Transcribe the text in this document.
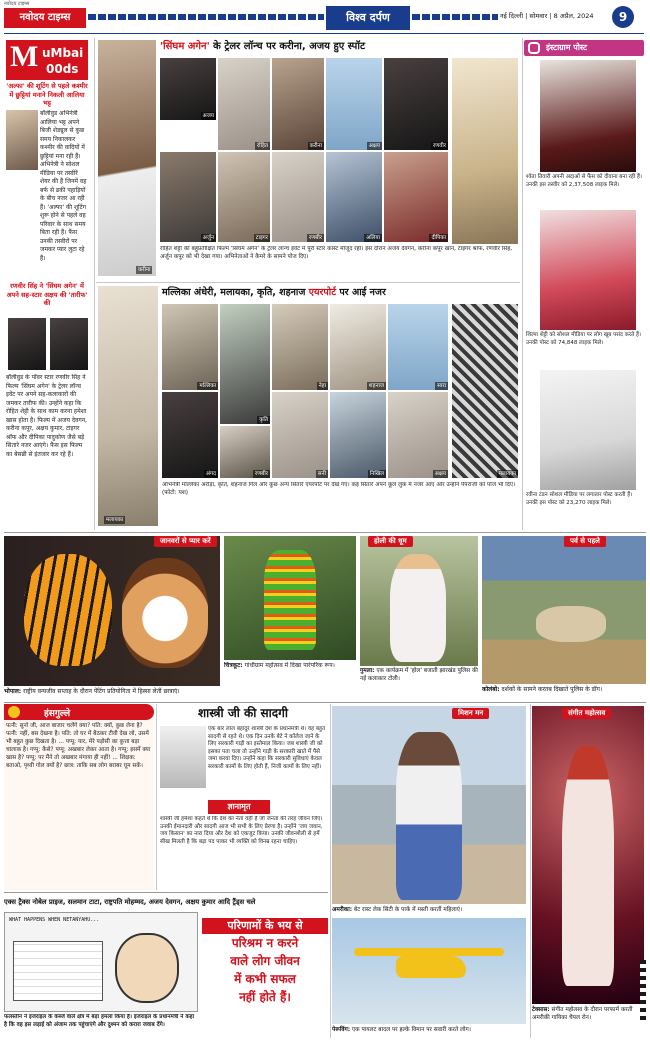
नवोदय टाइम्स
नवोदय टाइम्स	विश्व दर्पण	नई दिल्ली | सोमवार | 8 अप्रैल, 2024	9
M uMbai
00ds
'अल्फा' की शूटिंग से पहले कश्मीर में छुट्टियां मनाने निकली आलिया भट्ट
बॉलीवुड अभिनेत्री आलिया भट्ट अपने बिजी शेड्यूल से कुछ समय निकालकर कश्मीर की वादियों में छुट्टियां मना रही हैं। अभिनेत्री ने सोशल मीडिया पर तस्वीरें शेयर की हैं जिनमें वह बर्फ से ढकी पहाड़ियों के बीच नजर आ रही हैं। 'अल्फा' की शूटिंग शुरू होने से पहले वह परिवार के साथ समय बिता रही हैं। फैंस उनकी तस्वीरों पर जमकर प्यार लुटा रहे हैं।
रणवीर सिंह ने 'सिंघम अगेन' में अपने सह-स्टार अक्षय की 'तारीफ' की
बॉलीवुड के पॉवर स्टार रणवीर सिंह ने फिल्म 'सिंघम अगेन' के ट्रेलर लॉन्च इवेंट पर अपने सह-कलाकारों की जमकर तारीफ की। उन्होंने कहा कि रोहित शेट्टी के साथ काम करना हमेशा खास होता है। फिल्म में अजय देवगन, करीना कपूर, अक्षय कुमार, टाइगर श्रॉफ और दीपिका पादुकोण जैसे बड़े सितारे नजर आएंगे। फैंस इस फिल्म का बेसब्री से इंतजार कर रहे हैं।
करीना
'सिंघम अगेन' के ट्रेलर लॉन्च पर करीना, अजय हुए स्पॉट
अजय
रोहित	करीना	अक्षय	रणवीर
अर्जुन	टाइगर	रणबीर	अलिया	दीपिका
रोहित शेट्टी की बहुप्रतीक्षित फिल्म 'सिंघम अगेन' के ट्रेलर लॉन्च इवेंट में पूरी स्टार कास्ट मौजूद रही। इस दौरान अजय देवगन, करीना कपूर खान, टाइगर श्रॉफ, रणवीर सिंह, अर्जुन कपूर को भी देखा गया। अभिनेताओं ने कैमरे के सामने पोज दिए।
इंस्टाग्राम पोस्ट
श्वेता तिवारी अपनी अदाओं से फैंस को दीवाना बना रही हैं। उनकी इस तस्वीर को 2,37,508 लाइक मिले।
शिल्पा शेट्टी को सोशल मीडिया पर लोग खूब पसंद करते हैं। उनकी पोस्ट को 74,848 लाइक मिले।
रवीना टंडन सोशल मीडिया पर लगातार पोस्ट करती हैं। उनकी इस पोस्ट को 23,270 लाइक मिले।
मलायका
मल्लिका अंधेरी, मलायका, कृति, शहनाज एयरपोर्ट पर आई नजर
मल्लिका
कृति
नेहा	शहनाज	सारा
अंगद	सनी	निखिल	अक्षय
रणबीर	मलायका
अभिनेत्री मल्लिका अरोड़ा, कृति, शहनाज गिल और कुछ अन्य सितारे एयरपोर्ट पर देखे गए। कई सितारे अपने कूल लुक में नजर आए और उन्होंने पैपराजी को पोज भी दिए। (फोटो: यश)
जानवरों से प्यार करें
भोपाल: राष्ट्रीय वन्यजीव सप्ताह के दौरान पेंटिंग प्रतियोगिता में हिस्सा लेतीं छात्राएं।
चित्रकूट: गांधीग्राम महोत्सव में दिखा पारंपरिक रूप।
होली की धूम
गुमला: एक कार्यक्रम में 'होल' बजाती झारखंड पुलिस की नई कलाकार टोली।
पर्व से पहले
कोलंबो: दर्शकों के सामने करतब दिखाते पुलिस के डॉग।
हंसगुल्ले
पत्नी: सुनो जी, आज बाजार चलेंगे क्या? पति: क्यों, कुछ लेना है? पत्नी: नहीं, बस देखना है। पति: तो घर में बैठकर टीवी देख लो, उसमें भी बहुत कुछ दिखता है। ... पप्पू: यार, मेरे पड़ोसी का कुत्ता बड़ा चालाक है। गप्पू: कैसे? पप्पू: अखबार लेकर आता है। गप्पू: इसमें क्या खास है? पप्पू: पर मैंने तो अखबार मंगाया ही नहीं! ... शिक्षक: बताओ, पृथ्वी गोल क्यों है? छात्र: ताकि सब लोग बराबर घूम सकें।
शास्त्री जी की सादगी
एक बार लाल बहादुर शास्त्री देश के प्रधानमंत्री थे। वह बहुत सादगी से रहते थे। एक दिन उनके बेटे ने कॉलेज जाने के लिए सरकारी गाड़ी का इस्तेमाल किया। जब शास्त्री जी को इसका पता चला तो उन्होंने गाड़ी के सरकारी खाते में पैसे जमा करवा दिए। उन्होंने कहा कि सरकारी सुविधाएं केवल सरकारी कामों के लिए होती हैं, निजी कामों के लिए नहीं।
ज्ञानामृत
शास्त्री जी हमेशा कहते थे कि देश का नेता वही है जो जनता की तरह जीवन जिए। उनकी ईमानदारी और सादगी आज भी सभी के लिए प्रेरणा है। उन्होंने 'जय जवान, जय किसान' का नारा दिया और देश को एकजुट किया। उनकी जीवनशैली से हमें सीख मिलती है कि बड़ा पद पाकर भी व्यक्ति को विनम्र रहना चाहिए।
मिशन मन
अमरीका: बेट रास्ट लेक सिटी के पार्क में मस्ती करतीं महिलाएं।
पेरूविंग: एक पायलट बादल पर हल्के विमान पर सवारी करते लोग।
संगीत महोत्सव
टेक्सास: संगीत महोत्सव के दौरान परफार्म करती अमरीकी गायिका चैपल रोन।
एक्स ट्रैक्स नोबेल प्राइज, सलमान टाटा, राष्ट्रपति मोहम्मद, अजय देवगन, अक्षय कुमार आदि ट्रैंड्स चले
WHAT HAPPENS WHEN NETANYAHU...
फलस्तीन ने इजराइल के कब्जे वाले क्षेत्र में बड़ा हमला किया है। इजराइल के प्रधानमंत्री ने कहा है कि वह इस लड़ाई को अंजाम तक पहुंचाएंगे और दुश्मन को करारा जवाब देंगे।
परिणामों के भय से
परिश्रम न करने
वाले लोग जीवन
में कभी सफल
नहीं होते हैं।
